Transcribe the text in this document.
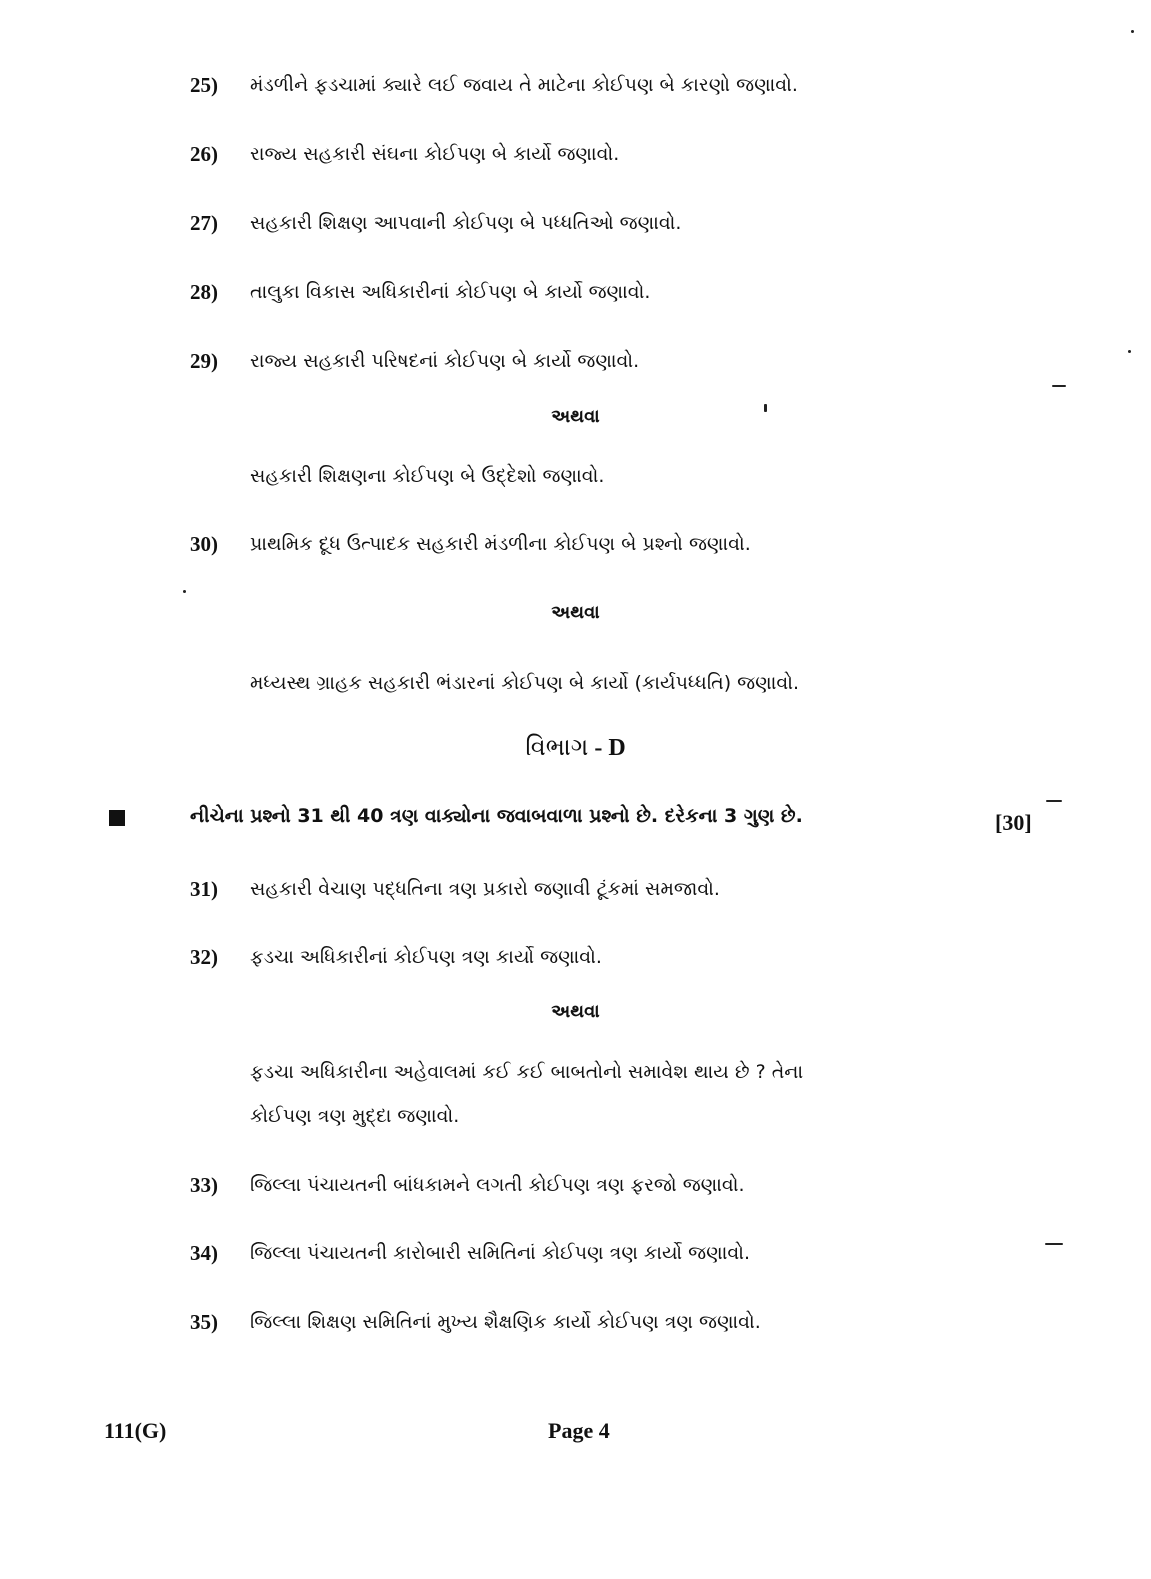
25) મંડળીને ફડચામાં ક્યારે લઈ જવાય તે માટેના કોઈપણ બે કારણો જણાવો.
26) રાજ્ય સહકારી સંઘના કોઈપણ બે કાર્યો જણાવો.
27) સહકારી શિક્ષણ આપવાની કોઈપણ બે પધ્ધતિઓ જણાવો.
28) તાલુકા વિકાસ અધિકારીનાં કોઈપણ બે કાર્યો જણાવો.
29) રાજ્ય સહકારી પરિષદનાં કોઈપણ બે કાર્યો જણાવો.
અથવા
સહકારી શિક્ષણના કોઈપણ બે ઉદ્દેશો જણાવો.
30) પ્રાથમિક દૂધ ઉત્પાદક સહકારી મંડળીના કોઈપણ બે પ્રશ્નો જણાવો.
અથવા
મધ્યસ્થ ગ્રાહક સહકારી ભંડારનાં કોઈપણ બે કાર્યો (કાર્યપધ્ધતિ) જણાવો.
વિભાગ - D
નીચેના પ્રશ્નો 31 થી 40 ત્રણ વાક્યોના જવાબવાળા પ્રશ્નો છે. દરેકના 3 ગુણ છે.	[30]
31) સહકારી વેચાણ પદ્ધતિના ત્રણ પ્રકારો જણાવી ટૂંકમાં સમજાવો.
32) ફડચા અધિકારીનાં કોઈપણ ત્રણ કાર્યો જણાવો.
અથવા
ફડચા અધિકારીના અહેવાલમાં કઈ કઈ બાબતોનો સમાવેશ થાય છે ? તેના
કોઈપણ ત્રણ મુદ્દા જણાવો.
33) જિલ્લા પંચાયતની બાંધકામને લગતી કોઈપણ ત્રણ ફરજો જણાવો.
34) જિલ્લા પંચાયતની કારોબારી સમિતિનાં કોઈપણ ત્રણ કાર્યો જણાવો.
35) જિલ્લા શિક્ષણ સમિતિનાં મુખ્ય શૈક્ષણિક કાર્યો કોઈપણ ત્રણ જણાવો.
111(G)	Page 4
